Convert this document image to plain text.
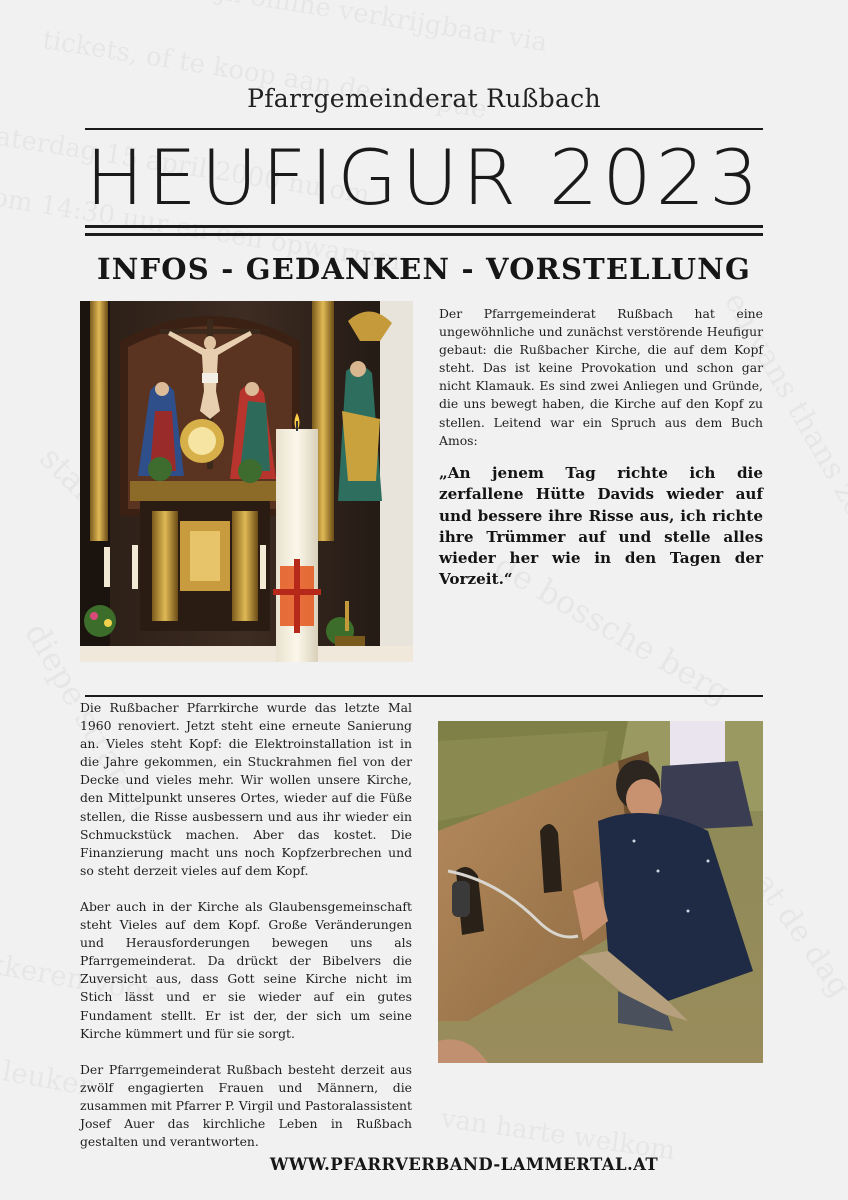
Pfarrgemeinderat Rußbach
HEUFIGUR 2023
INFOS - GEDANKEN - VORSTELLUNG
Der Pfarrgemeinderat Rußbach hat eine ungewöhnliche und zunächst verstörende Heufigur gebaut: die Rußbacher Kirche, die auf dem Kopf steht. Das ist keine Provokation und schon gar nicht Klamauk. Es sind zwei Anliegen und Gründe, die uns bewegt haben, die Kirche auf den Kopf zu stellen. Leitend war ein Spruch aus dem Buch Amos:
„An jenem Tag richte ich die zerfallene Hütte Davids wieder auf und bessere ihre Risse aus, ich richte ihre Trümmer auf und stelle alles wieder her wie in den Tagen der Vorzeit.“

Die Rußbacher Pfarrkirche wurde das letzte Mal 1960 renoviert. Jetzt steht eine erneute Sanierung an. Vieles steht Kopf: die Elektroinstallation ist in die Jahre gekommen, ein Stuckrahmen fiel von der Decke und vieles mehr. Wir wollen unsere Kirche, den Mittelpunkt unseres Ortes, wieder auf die Füße stellen, die Risse ausbessern und aus ihr wieder ein Schmuckstück machen. Aber das kostet. Die Finanzierung macht uns noch Kopfzerbrechen und so steht derzeit vieles auf dem Kopf.

Aber auch in der Kirche als Glaubensgemeinschaft steht Vieles auf dem Kopf. Große Veränderungen und Herausforderungen bewegen uns als Pfarrgemeinderat. Da drückt der Bibelvers die Zuversicht aus, dass Gott seine Kirche nicht im Stich lässt und er sie wieder auf ein gutes Fundament stellt. Er ist der, der sich um seine Kirche kümmert und für sie sorgt.

Der Pfarrgemeinderat Rußbach besteht derzeit aus zwölf engagierten Frauen und Männern, die zusammen mit Pfarrer P. Virgil und Pastoralassistent Josef Auer das kirchliche Leben in Rußbach gestalten und verantworten.

WWW.PFARRVERBAND-LAMMERTAL.AT
